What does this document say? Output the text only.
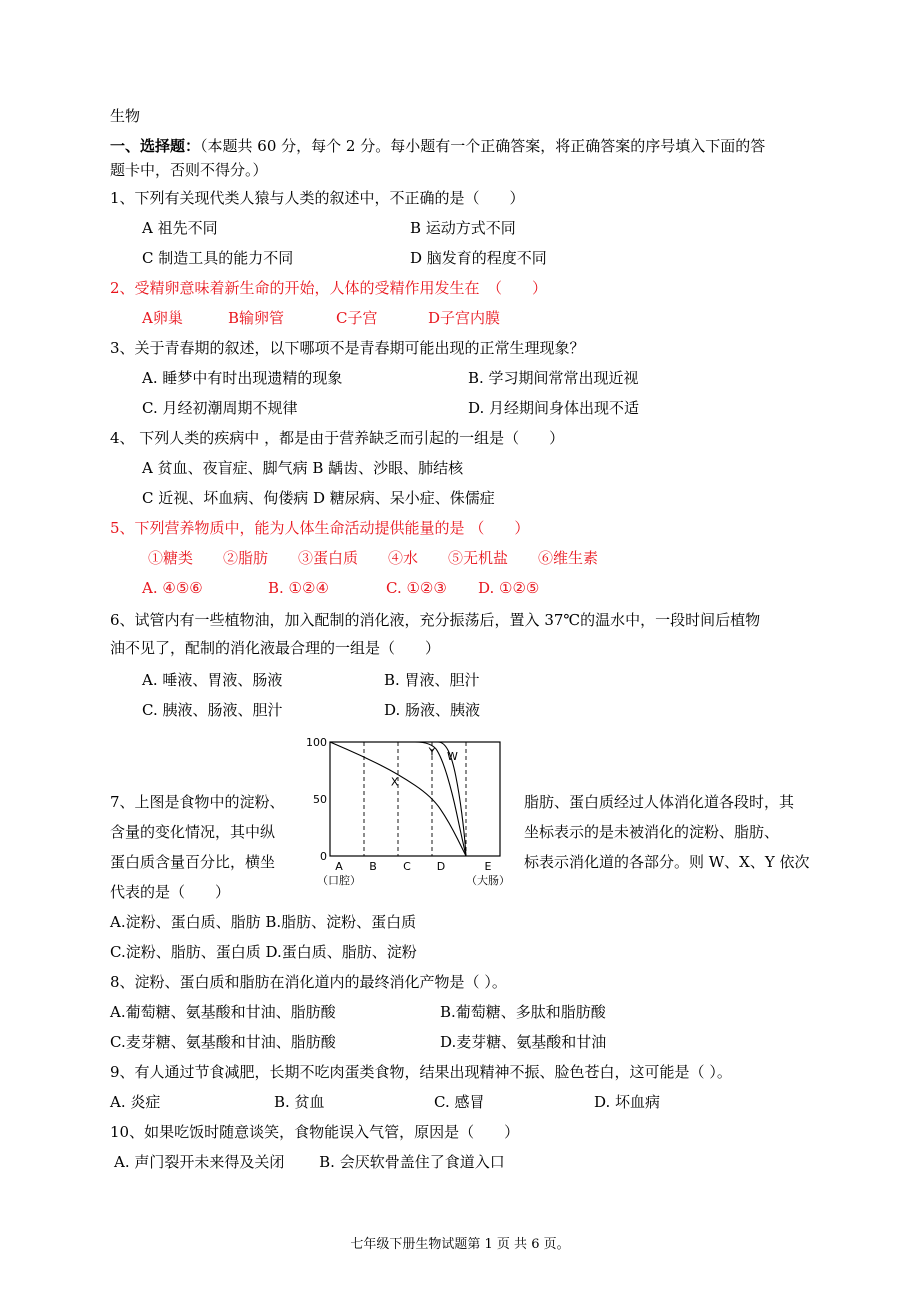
生物
一、选择题：（本题共 60 分，每个 2 分。每小题有一个正确答案，将正确答案的序号填入下面的答
题卡中，否则不得分。）
1、下列有关现代类人猿与人类的叙述中，不正确的是（　　）
A 祖先不同	B 运动方式不同
C 制造工具的能力不同	D 脑发育的程度不同
2、受精卵意味着新生命的开始，人体的受精作用发生在　（　　）
A卵巢	B输卵管	C子宫	D子宫内膜
3、关于青春期的叙述，以下哪项不是青春期可能出现的正常生理现象？
A. 睡梦中有时出现遗精的现象	B. 学习期间常常出现近视
C. 月经初潮周期不规律	D. 月经期间身体出现不适
4、 下列人类的疾病中 ，都是由于营养缺乏而引起的一组是（　　）
A 贫血、夜盲症、脚气病 B 龋齿、沙眼、肺结核
C 近视、坏血病、佝偻病 D 糖尿病、呆小症、侏儒症
5、下列营养物质中，能为人体生命活动提供能量的是 （　　）
①糖类　　②脂肪　　③蛋白质　　④水　　⑤无机盐　　⑥维生素
A. ④⑤⑥	B. ①②④	C. ①②③ D. ①②⑤
6、试管内有一些植物油，加入配制的消化液，充分振荡后，置入 37℃的温水中，一段时间后植物
油不见了，配制的消化液最合理的一组是（　　）
A. 唾液、胃液、肠液	B. 胃液、胆汁
C. 胰液、肠液、胆汁	D. 肠液、胰液
100
50
0
A
（口腔）
B C D	E
（大肠）
X
Y W
7、上图是食物中的淀粉、	脂肪、蛋白质经过人体消化道各段时，其
含量的变化情况，其中纵	坐标表示的是未被消化的淀粉、脂肪、
蛋白质含量百分比，横坐	标表示消化道的各部分。则 W、X、Y 依次
代表的是（　　）
A.淀粉、蛋白质、脂肪 B.脂肪、淀粉、蛋白质
C.淀粉、脂肪、蛋白质 D.蛋白质、脂肪、淀粉
8、淀粉、蛋白质和脂肪在消化道内的最终消化产物是（ ）。
A.葡萄糖、氨基酸和甘油、脂肪酸	B.葡萄糖、多肽和脂肪酸
C.麦芽糖、氨基酸和甘油、脂肪酸	D.麦芽糖、氨基酸和甘油
9、有人通过节食减肥，长期不吃肉蛋类食物，结果出现精神不振、脸色苍白，这可能是（ ）。
A. 炎症	B. 贫血	C. 感冒	D. 坏血病
10、如果吃饭时随意谈笑，食物能误入气管，原因是（　　）
A. 声门裂开未来得及关闭　　 B. 会厌软骨盖住了食道入口
七年级下册生物试题第 1 页 共 6 页。
